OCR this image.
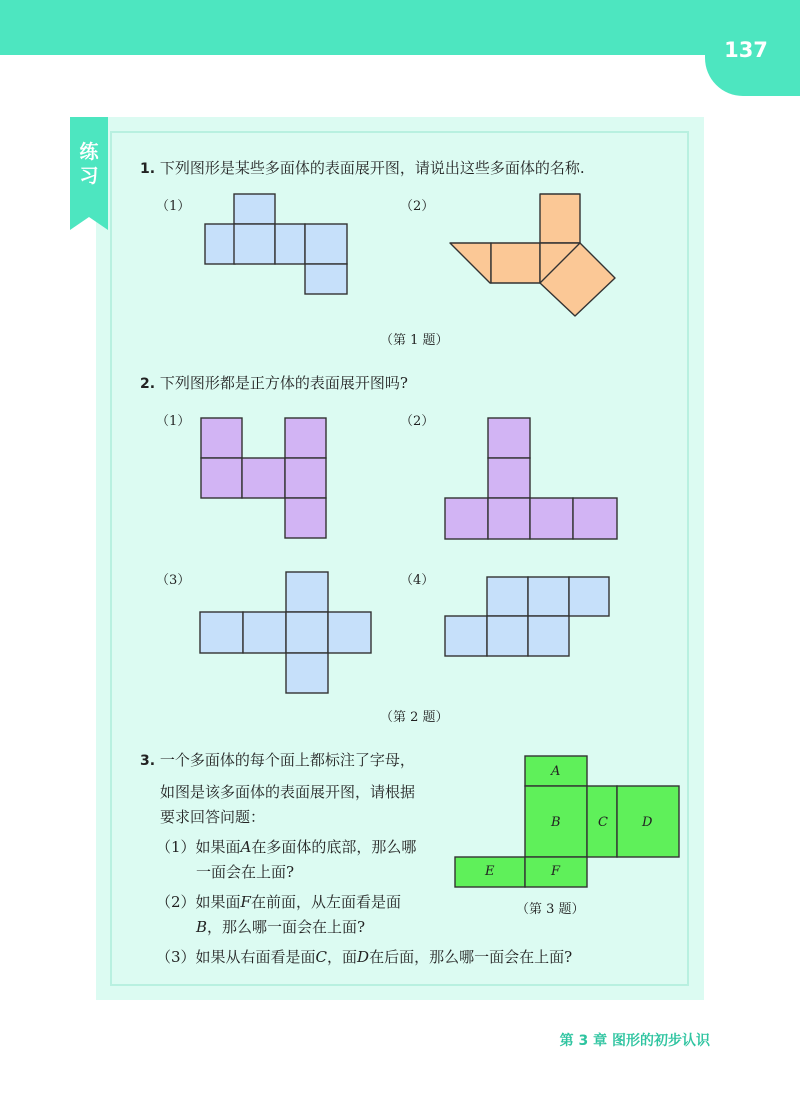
137
练
习	1. 下列图形是某些多面体的表面展开图，请说出这些多面体的名称.
（1）	（2）
（第 1 题）
2. 下列图形都是正方体的表面展开图吗?
（1）	（2）
（3）	（4）
（第 2 题）
3. 一个多面体的每个面上都标注了字母，
如图是该多面体的表面展开图，请根据
要求回答问题：
（1）如果面A在多面体的底部，那么哪
一面会在上面?
（2）如果面F在前面，从左面看是面
B，那么哪一面会在上面?
（3）如果从右面看是面C，面D在后面，那么哪一面会在上面?
A
B	C	D
E	F
（第 3 题）
第 3 章 图形的初步认识
